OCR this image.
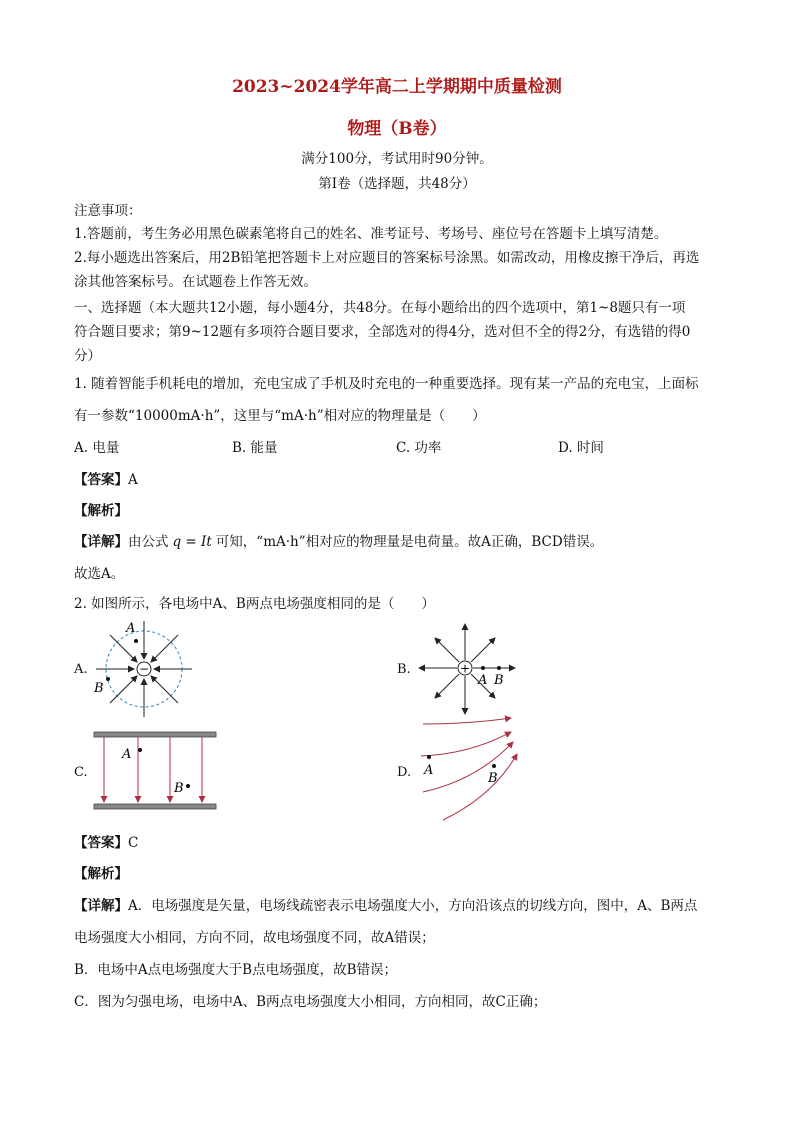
2023~2024学年高二上学期期中质量检测
物理（B卷）
满分100分，考试用时90分钟。
第Ⅰ卷（选择题，共48分）
注意事项：
1.答题前，考生务必用黑色碳素笔将自己的姓名、准考证号、考场号、座位号在答题卡上填写清楚。
2.每小题选出答案后，用2B铅笔把答题卡上对应题目的答案标号涂黑。如需改动，用橡皮擦干净后，再选
涂其他答案标号。在试题卷上作答无效。
一、选择题（本大题共12小题，每小题4分，共48分。在每小题给出的四个选项中，第1~8题只有一项
符合题目要求；第9~12题有多项符合题目要求，全部选对的得4分，选对但不全的得2分，有选错的得0
分）
1. 随着智能手机耗电的增加，充电宝成了手机及时充电的一种重要选择。现有某一产品的充电宝，上面标
有一参数“10000mA·h”，这里与“mA·h”相对应的物理量是（　　）
A. 电量	B. 能量	C. 功率	D. 时间
【答案】A
【解析】
【详解】由公式 q = It 可知，“mA·h”相对应的物理量是电荷量。故A正确，BCD错误。
故选A。
2. 如图所示，各电场中A、B两点电场强度相同的是（　　）
A.	B.
C.	D.
−
A
B
+
A B
A
B
A
B
【答案】C
【解析】
【详解】A．电场强度是矢量，电场线疏密表示电场强度大小，方向沿该点的切线方向，图中，A、B两点
电场强度大小相同，方向不同，故电场强度不同，故A错误；
B．电场中A点电场强度大于B点电场强度，故B错误；
C．图为匀强电场，电场中A、B两点电场强度大小相同，方向相同，故C正确；
